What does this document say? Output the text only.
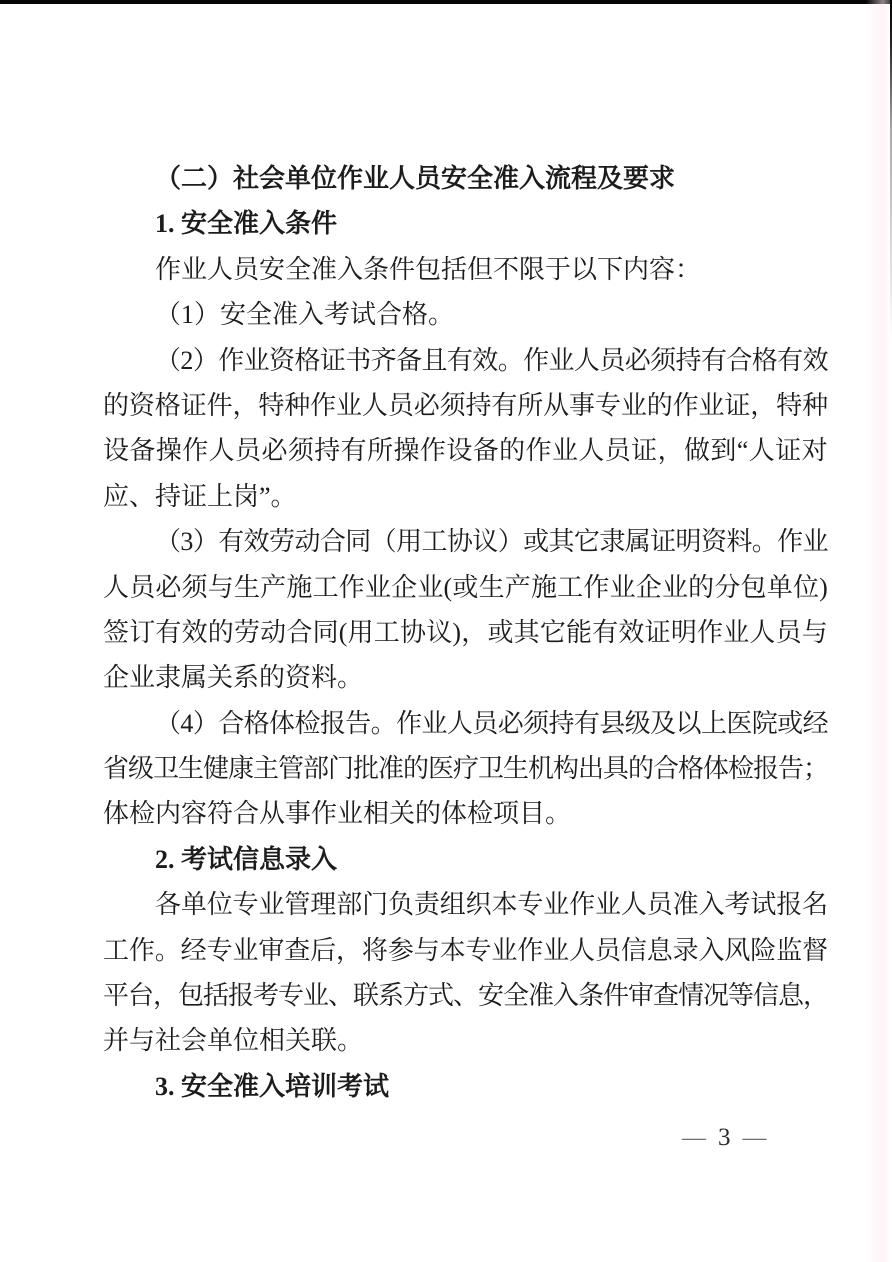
（二）社会单位作业人员安全准入流程及要求
1. 安全准入条件
作业人员安全准入条件包括但不限于以下内容：
（1）安全准入考试合格。
（2）作业资格证书齐备且有效。作业人员必须持有合格有效
的资格证件，特种作业人员必须持有所从事专业的作业证，特种
设备操作人员必须持有所操作设备的作业人员证，做到“人证对
应、持证上岗”。
（3）有效劳动合同（用工协议）或其它隶属证明资料。作业
人员必须与生产施工作业企业(或生产施工作业企业的分包单位)
签订有效的劳动合同(用工协议)，或其它能有效证明作业人员与
企业隶属关系的资料。
（4）合格体检报告。作业人员必须持有县级及以上医院或经
省级卫生健康主管部门批准的医疗卫生机构出具的合格体检报告；
体检内容符合从事作业相关的体检项目。
2. 考试信息录入
各单位专业管理部门负责组织本专业作业人员准入考试报名
工作。经专业审查后，将参与本专业作业人员信息录入风险监督
平台，包括报考专业、联系方式、安全准入条件审查情况等信息，
并与社会单位相关联。
3. 安全准入培训考试
— 3 —
